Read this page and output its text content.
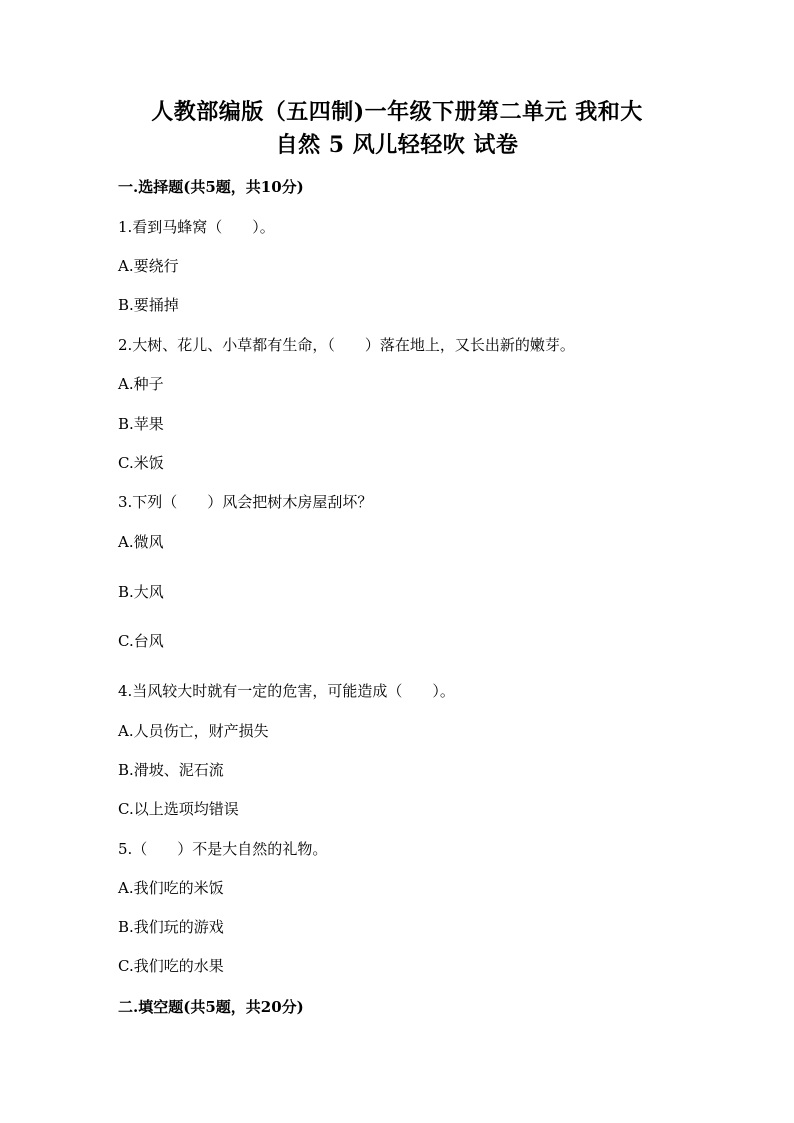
人教部编版（五四制)一年级下册第二单元 我和大
自然 5 风儿轻轻吹 试卷
一.选择题(共5题，共10分)
1.看到马蜂窝（　　）。
A.要绕行
B.要捅掉
2.大树、花儿、小草都有生命，（　　）落在地上，又长出新的嫩芽。
A.种子
B.苹果
C.米饭
3.下列（　　）风会把树木房屋刮坏？
A.微风
B.大风
C.台风
4.当风较大时就有一定的危害，可能造成（　　）。
A.人员伤亡，财产损失
B.滑坡、泥石流
C.以上选项均错误
5.（　　）不是大自然的礼物。
A.我们吃的米饭
B.我们玩的游戏
C.我们吃的水果
二.填空题(共5题，共20分)
